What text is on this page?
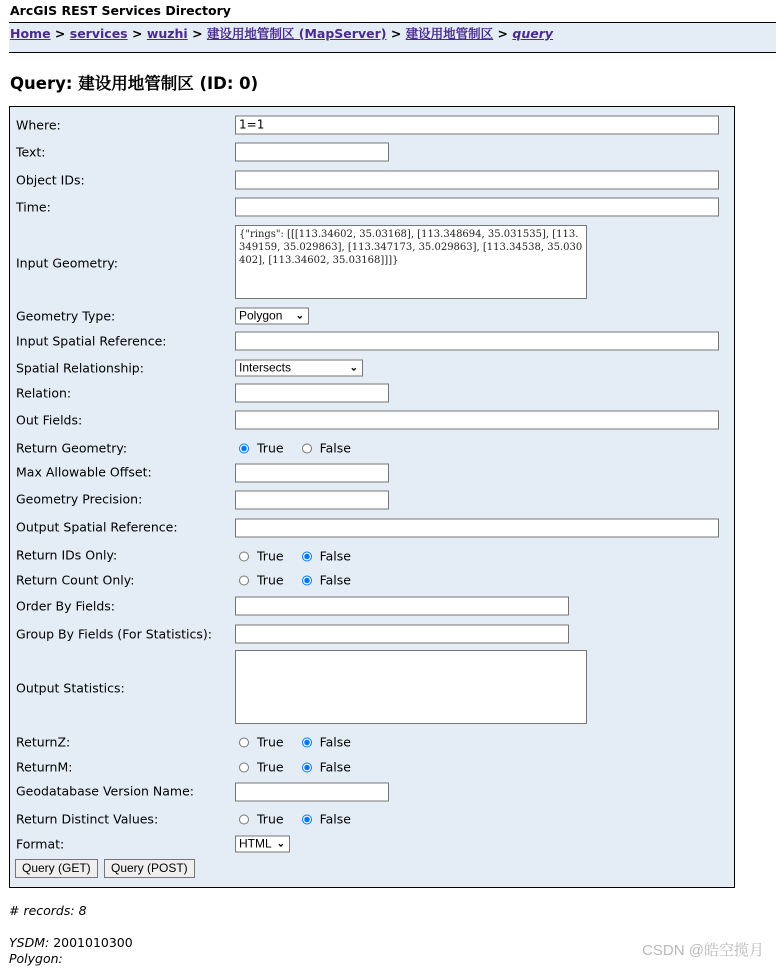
ArcGIS REST Services Directory
Home > services > wuzhi > 建设用地管制区 (MapServer) > 建设用地管制区 > query
Query: 建设用地管制区 (ID: 0)
Where:	1=1
Text:
Object IDs:
Time:
Input Geometry:
{"rings": [[[113.34602, 35.03168], [113.348694, 35.031535], [113.349159, 35.029863], [113.347173, 35.029863], [113.34538, 35.030402], [113.34602, 35.03168]]]}
Geometry Type:	Polygon ⌄
Input Spatial Reference:
Spatial Relationship:	Intersects	⌄
Relation:
Out Fields:
Return Geometry:	True	False
Max Allowable Offset:
Geometry Precision:
Output Spatial Reference:
Return IDs Only:	True	False
Return Count Only:	True	False
Order By Fields:
Group By Fields (For Statistics):
Output Statistics:
ReturnZ:	True	False
ReturnM:	True	False
Geodatabase Version Name:
Return Distinct Values:	True	False
Format:	HTML ⌄
Query (GET)	Query (POST)
# records: 8
YSDM: 2001010300
Polygon:	CSDN @皓空揽月
